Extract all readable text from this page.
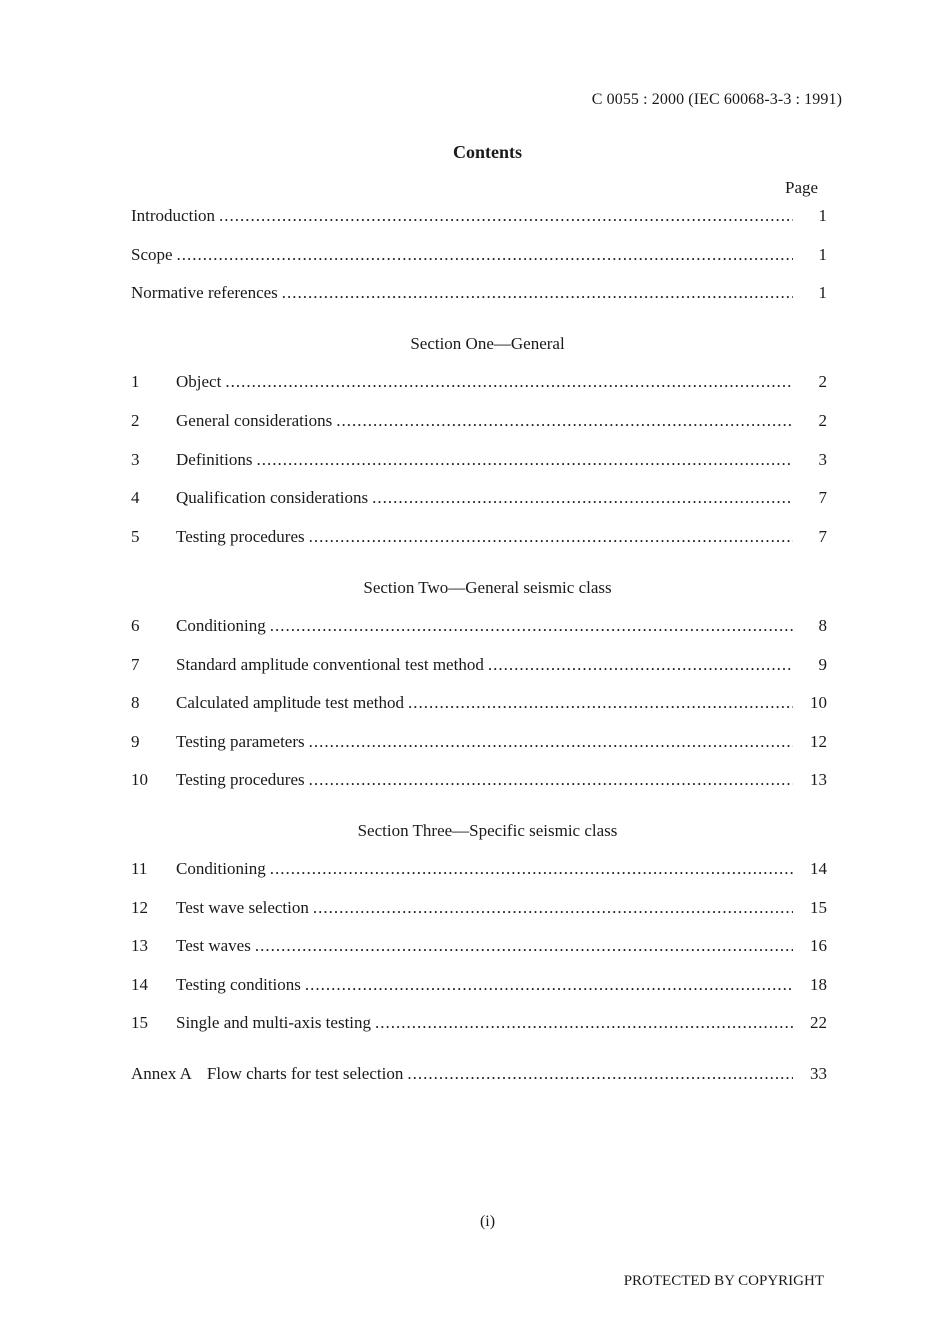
C 0055 : 2000 (IEC 60068-3-3 : 1991)
Contents
Page
Introduction .....	1
Scope .....	1
Normative references .....	1
Section One—General
1	Object .....	2
2	General considerations .....	2
3	Definitions .....	3
4	Qualification considerations .....	7
5	Testing procedures .....	7
Section Two—General seismic class
6	Conditioning .....	8
7	Standard amplitude conventional test method .....	9
8	Calculated amplitude test method .....	10
9	Testing parameters .....	12
10	Testing procedures .....	13
Section Three—Specific seismic class
11	Conditioning .....	14
12	Test wave selection .....	15
13	Test waves .....	16
14	Testing conditions .....	18
15	Single and multi-axis testing .....	22
Annex A Flow charts for test selection .....	33
(i)
PROTECTED BY COPYRIGHT
